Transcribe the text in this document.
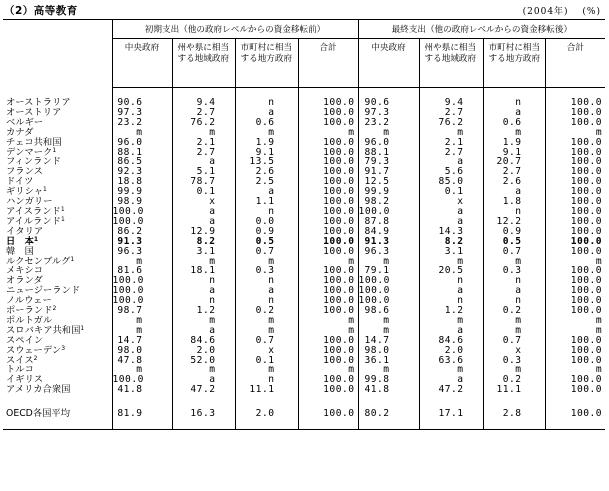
（2）高等教育	(2004年)　 (%)
	初期支出（他の政府レベルからの資金移転前）				最終支出（他の政府レベルからの資金移転後）			
	中央政府	州や県に相当する地域政府	市町村に相当する地方政府	合計	中央政府	州や県に相当する地域政府	市町村に相当する地方政府	合計

オーストラリア	90.6	9.4	n	100.0	90.6	9.4	n	100.0
オーストリア	97.3	2.7	a	100.0	97.3	2.7	a	100.0
ベルギー	23.2	76.2	0.6	100.0	23.2	76.2	0.6	100.0
カナダ	m	m	m	m	m	m	m	m
チェコ共和国	96.0	2.1	1.9	100.0	96.0	2.1	1.9	100.0
デンマーク$^1$	88.1	2.7	9.1	100.0	88.1	2.7	9.1	100.0
フィンランド	86.5	a	13.5	100.0	79.3	a	20.7	100.0
フランス	92.3	5.1	2.6	100.0	91.7	5.6	2.7	100.0
ドイツ	18.8	78.7	2.5	100.0	12.5	85.0	2.6	100.0
ギリシャ$^1$	99.9	0.1	a	100.0	99.9	0.1	a	100.0
ハンガリー	98.9	x	1.1	100.0	98.2	x	1.8	100.0
アイスランド$^1$	100.0	a	n	100.0	100.0	a	n	100.0
アイルランド$^1$	100.0	a	0.0	100.0	87.8	a	12.2	100.0
イタリア	86.2	12.9	0.9	100.0	84.9	14.3	0.9	100.0
日　本$^1$	91.3	8.2	0.5	100.0	91.3	8.2	0.5	100.0
韓　国	96.3	3.1	0.7	100.0	96.3	3.1	0.7	100.0
ルクセンブルグ$^1$	m	m	m	m	m	m	m	m
メキシコ	81.6	18.1	0.3	100.0	79.1	20.5	0.3	100.0
オランダ	100.0	n	n	100.0	100.0	n	n	100.0
ニュージーランド	100.0	a	a	100.0	100.0	a	a	100.0
ノルウェー	100.0	n	n	100.0	100.0	n	n	100.0
ポーランド$^2$	98.7	1.2	0.2	100.0	98.6	1.2	0.2	100.0
ポルトガル	m	m	m	m	m	m	m	m
スロバキア共和国$^1$	m	a	m	m	m	a	m	m
スペイン	14.7	84.6	0.7	100.0	14.7	84.6	0.7	100.0
スウェーデン$^3$	98.0	2.0	x	100.0	98.0	2.0	x	100.0
スイス$^2$	47.8	52.0	0.1	100.0	36.1	63.6	0.3	100.0
トルコ	m	m	m	m	m	m	m	m
イギリス	100.0	a	n	100.0	99.8	a	0.2	100.0
アメリカ合衆国	41.8	47.2	11.1	100.0	41.8	47.2	11.1	100.0

OECD各国平均	81.9	16.3	2.0	100.0	80.2	17.1	2.8	100.0
